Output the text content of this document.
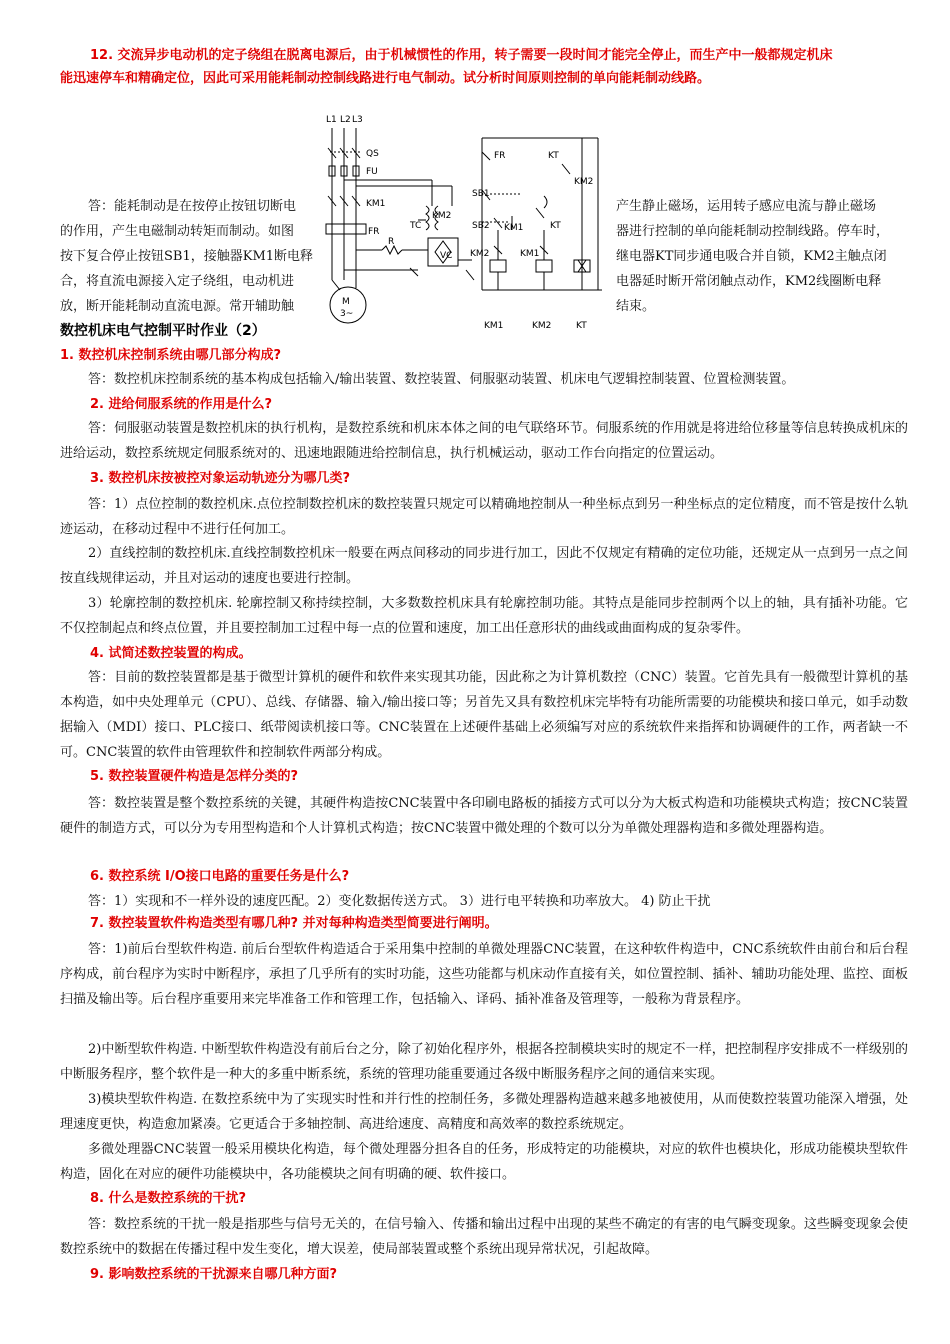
12. 交流异步电动机的定子绕组在脱离电源后，由于机械惯性的作用，转子需要一段时间才能完全停止，而生产中一般都规定机床
能迅速停车和精确定位，因此可采用能耗制动控制线路进行电气制动。试分析时间原则控制的单向能耗制动线路。
答：能耗制动是在按停止按钮切断电
的作用，产生电磁制动转矩而制动。如图
按下复合停止按钮SB1，接触器KM1断电释
合，将直流电源接入定子绕组，电动机进
放，断开能耗制动直流电源。常开辅助触
产生静止磁场，运用转子感应电流与静止磁场
器进行控制的单向能耗制动控制线路。停车时，
继电器KT同步通电吸合并自锁，KM2主触点闭
电器延时断开常闭触点动作，KM2线圈断电释
结束。
L1 L2 L3
QS
FU
KM1
KM2
FR
TC
VC
R
M
3~
FR	KT
KM2
SB1
SB2 KM1	KT
KM2	KM1
KM1	KM2	KT
数控机床电气控制平时作业（2）
1. 数控机床控制系统由哪几部分构成?
答：数控机床控制系统的基本构成包括输入/输出装置、数控装置、伺服驱动装置、机床电气逻辑控制装置、位置检测装置。
2. 进给伺服系统的作用是什么?
答：伺服驱动装置是数控机床的执行机构，是数控系统和机床本体之间的电气联络环节。伺服系统的作用就是将进给位移量等信息转换成机床的进给运动，数控系统规定伺服系统对的、迅速地跟随进给控制信息，执行机械运动，驱动工作台向指定的位置运动。
3. 数控机床按被控对象运动轨迹分为哪几类?
答：1）点位控制的数控机床.点位控制数控机床的数控装置只规定可以精确地控制从一种坐标点到另一种坐标点的定位精度，而不管是按什么轨迹运动，在移动过程中不进行任何加工。
2）直线控制的数控机床.直线控制数控机床一般要在两点间移动的同步进行加工，因此不仅规定有精确的定位功能，还规定从一点到另一点之间按直线规律运动，并且对运动的速度也要进行控制。
3）轮廓控制的数控机床. 轮廓控制又称持续控制，大多数数控机床具有轮廓控制功能。其特点是能同步控制两个以上的轴，具有插补功能。它不仅控制起点和终点位置，并且要控制加工过程中每一点的位置和速度，加工出任意形状的曲线或曲面构成的复杂零件。
4. 试简述数控装置的构成。
答：目前的数控装置都是基于微型计算机的硬件和软件来实现其功能，因此称之为计算机数控（CNC）装置。它首先具有一般微型计算机的基本构造，如中央处理单元（CPU）、总线、存储器、输入/输出接口等；另首先又具有数控机床完毕特有功能所需要的功能模块和接口单元，如手动数据输入（MDI）接口、PLC接口、纸带阅读机接口等。CNC装置在上述硬件基础上必须编写对应的系统软件来指挥和协调硬件的工作，两者缺一不可。CNC装置的软件由管理软件和控制软件两部分构成。
5. 数控装置硬件构造是怎样分类的?
答：数控装置是整个数控系统的关键，其硬件构造按CNC装置中各印刷电路板的插接方式可以分为大板式构造和功能模块式构造；按CNC装置硬件的制造方式，可以分为专用型构造和个人计算机式构造；按CNC装置中微处理的个数可以分为单微处理器构造和多微处理器构造。
6. 数控系统 I/O接口电路的重要任务是什么?
答：1）实现和不一样外设的速度匹配。2）变化数据传送方式。 3）进行电平转换和功率放大。 4) 防止干扰
7. 数控装置软件构造类型有哪几种? 并对每种构造类型简要进行阐明。
答：1)前后台型软件构造. 前后台型软件构造适合于采用集中控制的单微处理器CNC装置，在这种软件构造中，CNC系统软件由前台和后台程序构成，前台程序为实时中断程序，承担了几乎所有的实时功能，这些功能都与机床动作直接有关，如位置控制、插补、辅助功能处理、监控、面板扫描及输出等。后台程序重要用来完毕准备工作和管理工作，包括输入、译码、插补准备及管理等，一般称为背景程序。
2)中断型软件构造. 中断型软件构造没有前后台之分，除了初始化程序外，根据各控制模块实时的规定不一样，把控制程序安排成不一样级别的中断服务程序，整个软件是一种大的多重中断系统，系统的管理功能重要通过各级中断服务程序之间的通信来实现。
3)模块型软件构造. 在数控系统中为了实现实时性和并行性的控制任务，多微处理器构造越来越多地被使用，从而使数控装置功能深入增强，处理速度更快，构造愈加紧凑。它更适合于多轴控制、高进给速度、高精度和高效率的数控系统规定。
多微处理器CNC装置一般采用模块化构造，每个微处理器分担各自的任务，形成特定的功能模块，对应的软件也模块化，形成功能模块型软件构造，固化在对应的硬件功能模块中，各功能模块之间有明确的硬、软件接口。
8. 什么是数控系统的干扰?
答：数控系统的干扰一般是指那些与信号无关的，在信号输入、传播和输出过程中出现的某些不确定的有害的电气瞬变现象。这些瞬变现象会使数控系统中的数据在传播过程中发生变化，增大误差，使局部装置或整个系统出现异常状况，引起故障。
9. 影响数控系统的干扰源来自哪几种方面?
